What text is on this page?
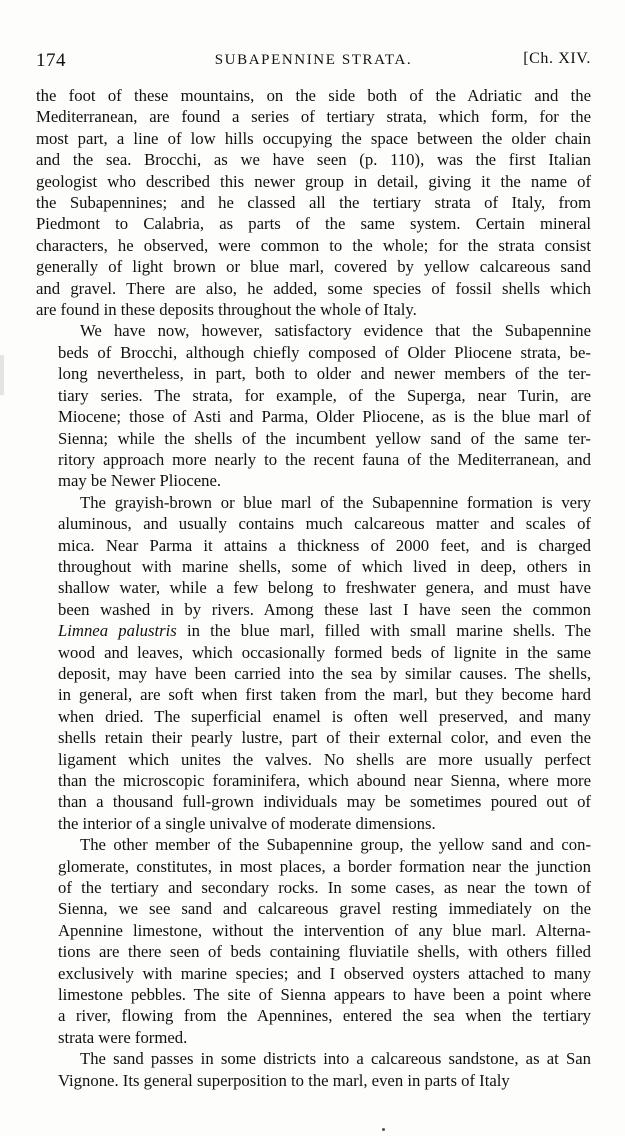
174	SUBAPENNINE STRATA.	[Ch. XIV.
the foot of these mountains, on the side both of the Adriatic and the
Mediterranean, are found a series of tertiary strata, which form, for the
most part, a line of low hills occupying the space between the older chain
and the sea. Brocchi, as we have seen (p. 110), was the first Italian
geologist who described this newer group in detail, giving it the name of
the Subapennines; and he classed all the tertiary strata of Italy, from
Piedmont to Calabria, as parts of the same system. Certain mineral
characters, he observed, were common to the whole; for the strata consist
generally of light brown or blue marl, covered by yellow calcareous sand
and gravel. There are also, he added, some species of fossil shells which
are found in these deposits throughout the whole of Italy.
We have now, however, satisfactory evidence that the Subapennine
beds of Brocchi, although chiefly composed of Older Pliocene strata, be-
long nevertheless, in part, both to older and newer members of the ter-
tiary series. The strata, for example, of the Superga, near Turin, are
Miocene; those of Asti and Parma, Older Pliocene, as is the blue marl of
Sienna; while the shells of the incumbent yellow sand of the same ter-
ritory approach more nearly to the recent fauna of the Mediterranean, and
may be Newer Pliocene.
The grayish-brown or blue marl of the Subapennine formation is very
aluminous, and usually contains much calcareous matter and scales of
mica. Near Parma it attains a thickness of 2000 feet, and is charged
throughout with marine shells, some of which lived in deep, others in
shallow water, while a few belong to freshwater genera, and must have
been washed in by rivers. Among these last I have seen the common
Limnea palustris in the blue marl, filled with small marine shells. The
wood and leaves, which occasionally formed beds of lignite in the same
deposit, may have been carried into the sea by similar causes. The shells,
in general, are soft when first taken from the marl, but they become hard
when dried. The superficial enamel is often well preserved, and many
shells retain their pearly lustre, part of their external color, and even the
ligament which unites the valves. No shells are more usually perfect
than the microscopic foraminifera, which abound near Sienna, where more
than a thousand full-grown individuals may be sometimes poured out of
the interior of a single univalve of moderate dimensions.
The other member of the Subapennine group, the yellow sand and con-
glomerate, constitutes, in most places, a border formation near the junction
of the tertiary and secondary rocks. In some cases, as near the town of
Sienna, we see sand and calcareous gravel resting immediately on the
Apennine limestone, without the intervention of any blue marl. Alterna-
tions are there seen of beds containing fluviatile shells, with others filled
exclusively with marine species; and I observed oysters attached to many
limestone pebbles. The site of Sienna appears to have been a point where
a river, flowing from the Apennines, entered the sea when the tertiary
strata were formed.
The sand passes in some districts into a calcareous sandstone, as at San
Vignone. Its general superposition to the marl, even in parts of Italy
